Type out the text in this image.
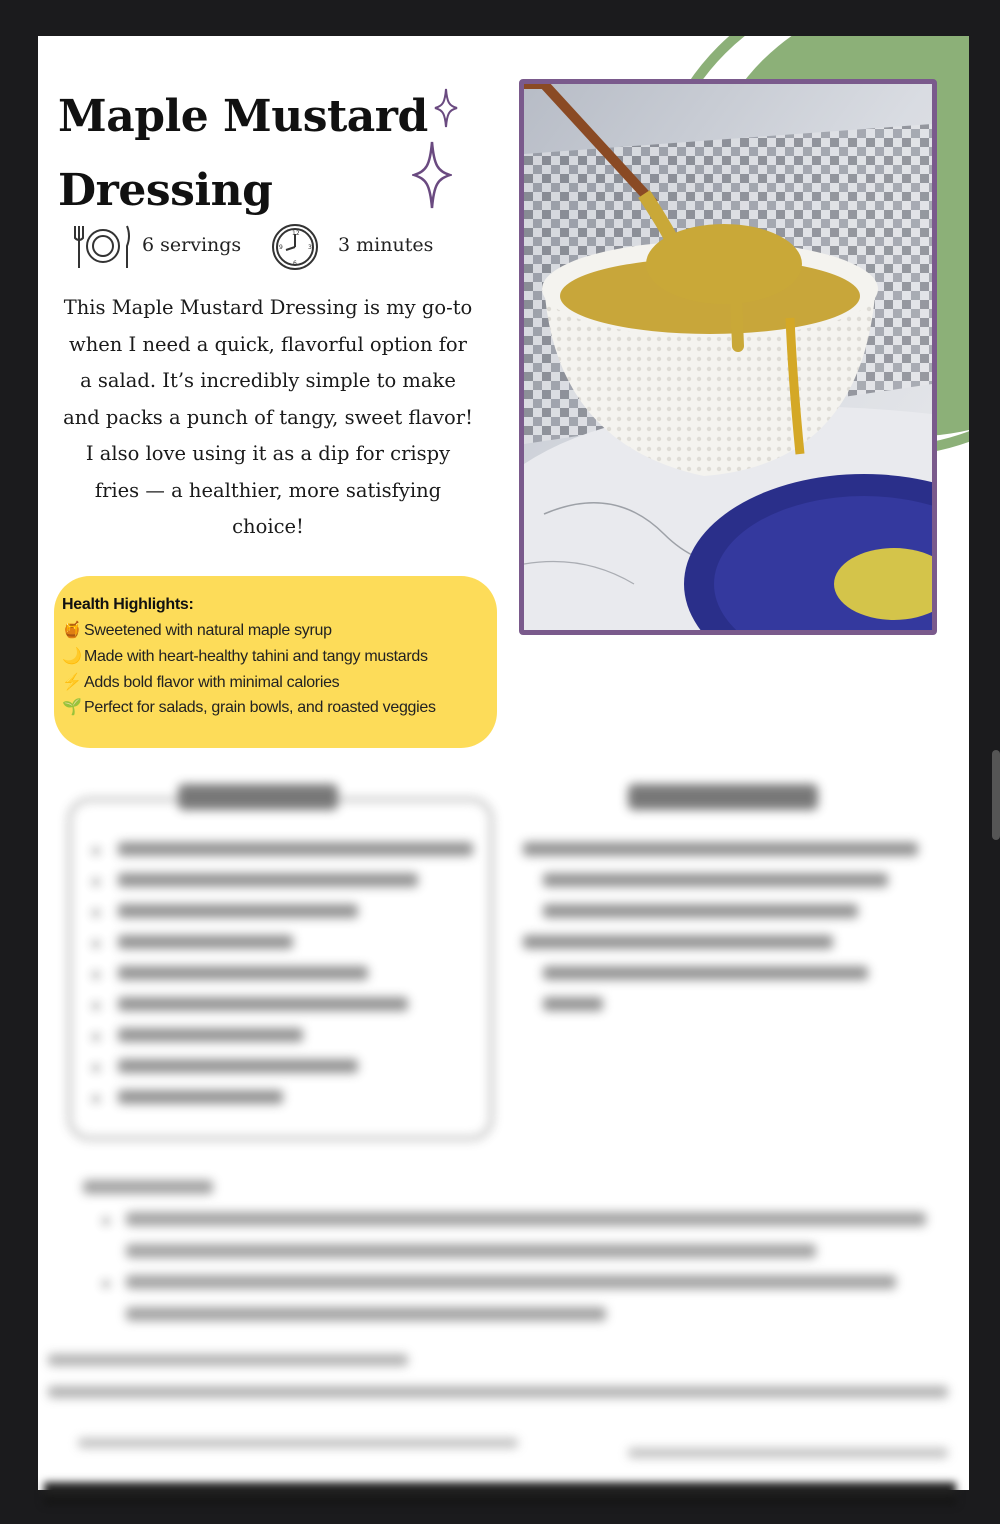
Maple Mustard Dressing
6 servings
12
3
6
9	3 minutes

This Maple Mustard Dressing is my go-to when I need a quick, flavorful option for a salad. It’s incredibly simple to make and packs a punch of tangy, sweet flavor! I also love using it as a dip for crispy fries — a healthier, more satisfying choice!

Health Highlights:
🍯 Sweetened with natural maple syrup
🌙 Made with heart-healthy tahini and tangy mustards
⚡ Adds bold flavor with minimal calories
🌱 Perfect for salads, grain bowls, and roasted veggies
